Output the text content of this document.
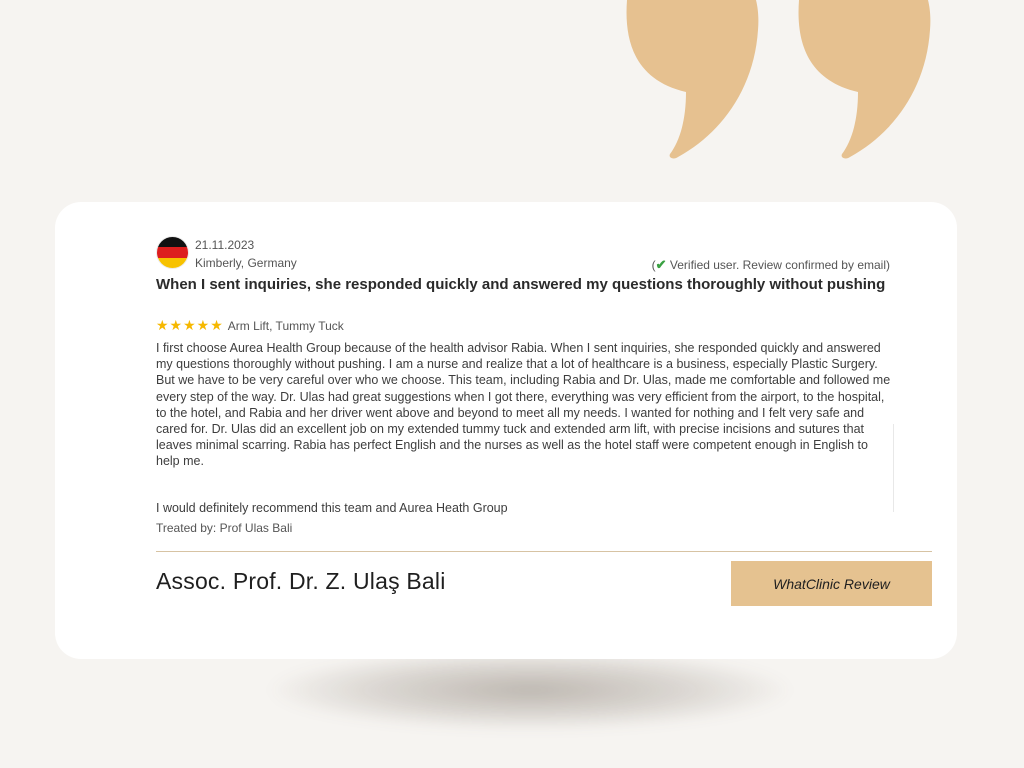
21.11.2023
Kimberly, Germany	(✔ Verified user. Review confirmed by email)
When I sent inquiries, she responded quickly and answered my questions thoroughly without pushing
★★★★★ Arm Lift, Tummy Tuck

I first choose Aurea Health Group because of the health advisor Rabia. When I sent inquiries, she responded quickly and answered my questions thoroughly without pushing. I am a nurse and realize that a lot of healthcare is a business, especially Plastic Surgery. But we have to be very careful over who we choose. This team, including Rabia and Dr. Ulas, made me comfortable and followed me every step of the way. Dr. Ulas had great suggestions when I got there, everything was very efficient from the airport, to the hospital, to the hotel, and Rabia and her driver went above and beyond to meet all my needs. I wanted for nothing and I felt very safe and cared for. Dr. Ulas did an excellent job on my extended tummy tuck and extended arm lift, with precise incisions and sutures that leaves minimal scarring. Rabia has perfect English and the nurses as well as the hotel staff were competent enough in English to help me.

I would definitely recommend this team and Aurea Heath Group
Treated by: Prof Ulas Bali
Assoc. Prof. Dr. Z. Ulaş Bali	WhatClinic Review
